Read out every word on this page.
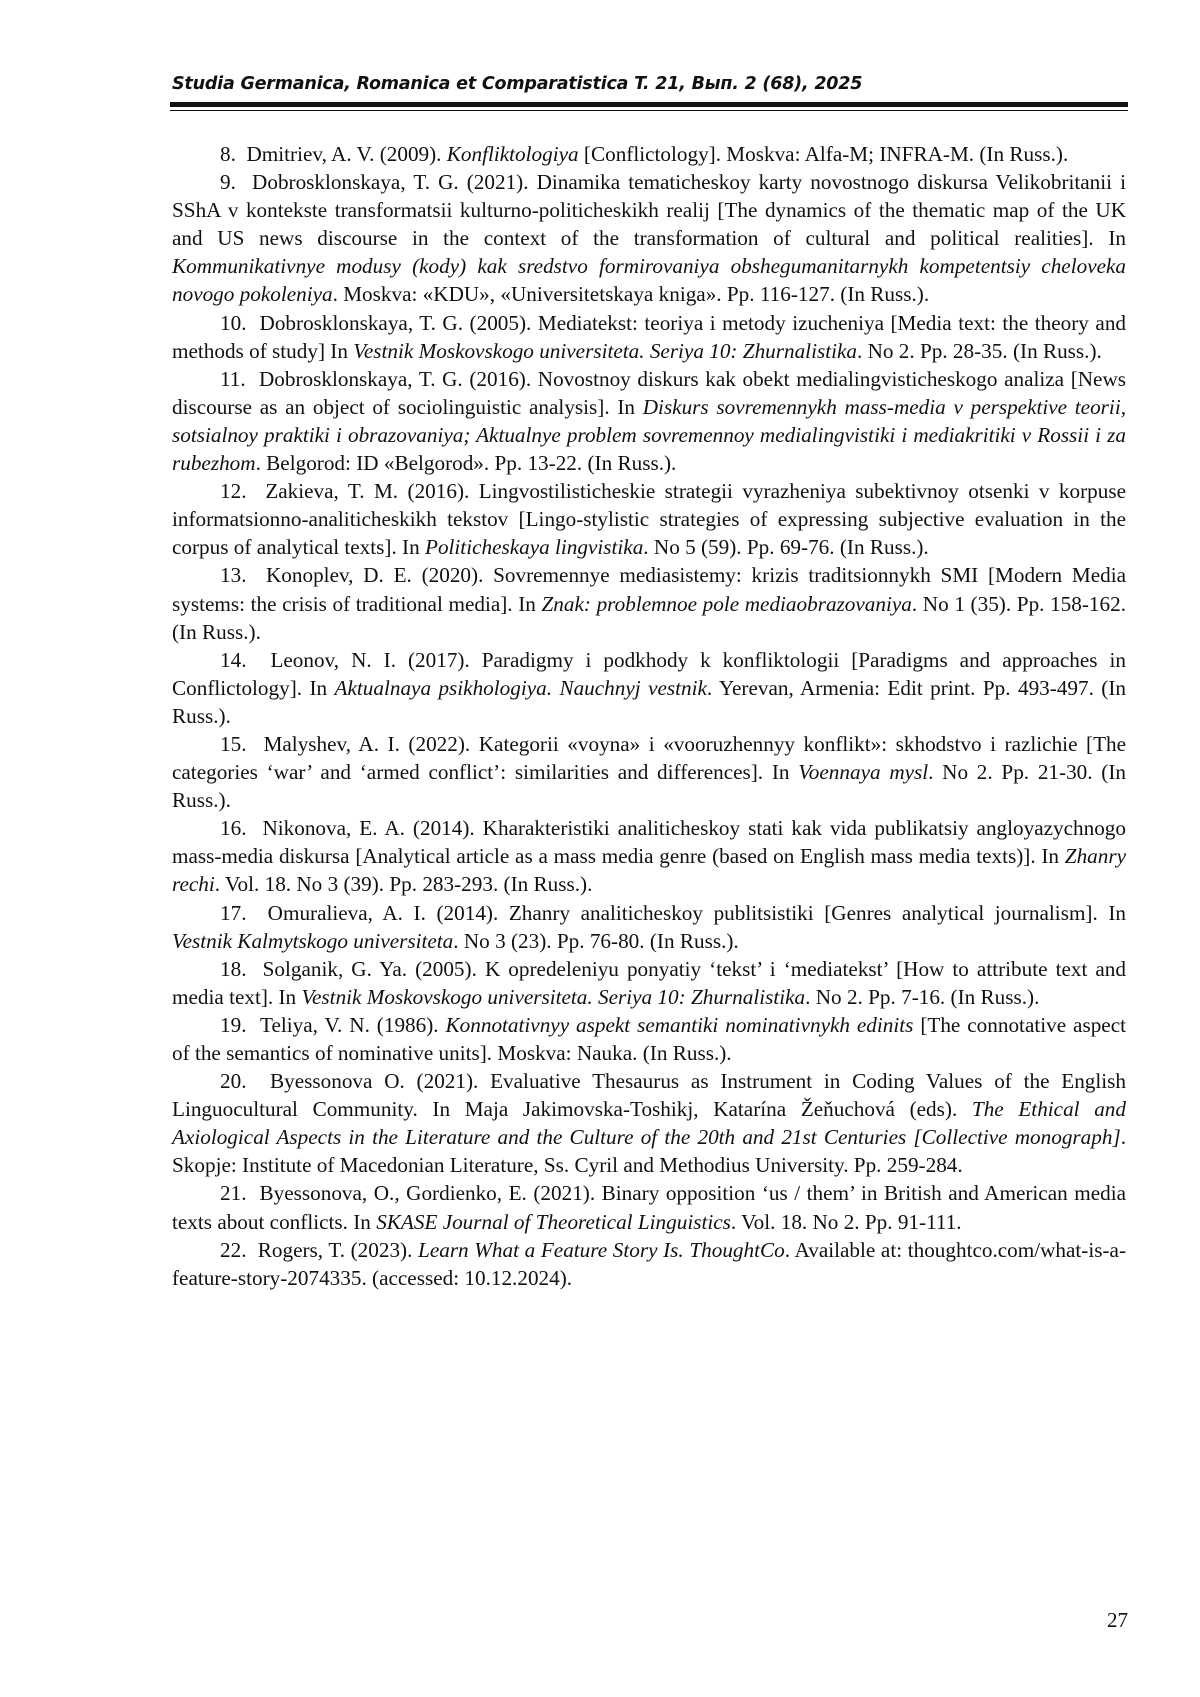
Studia Germanica, Romanica et Comparatistica T. 21, Вып. 2 (68), 2025

8. Dmitriev, A. V. (2009). Konfliktologiya [Conflictology]. Moskva: Alfa-M; INFRA-M. (In Russ.).

9. Dobrosklonskaya, T. G. (2021). Dinamika tematicheskoy karty novostnogo diskursa Velikobritanii i SShA v kontekste transformatsii kulturno-politicheskikh realij [The dynamics of the thematic map of the UK and US news discourse in the context of the transformation of cultural and political realities]. In Kommunikativnye modusy (kody) kak sredstvo formirovaniya obshegumanitarnykh kompetentsiy cheloveka novogo pokoleniya. Moskva: «KDU», «Universitetskaya kniga». Pp. 116-127. (In Russ.).

10. Dobrosklonskaya, T. G. (2005). Mediatekst: teoriya i metody izucheniya [Media text: the theory and methods of study] In Vestnik Moskovskogo universiteta. Seriya 10: Zhurnalistika. No 2. Pp. 28-35. (In Russ.).

11. Dobrosklonskaya, T. G. (2016). Novostnoy diskurs kak obekt medialingvisticheskogo analiza [News discourse as an object of sociolinguistic analysis]. In Diskurs sovremennykh mass-media v perspektive teorii, sotsialnoy praktiki i obrazovaniya; Aktualnye problem sovremennoy medialingvistiki i mediakritiki v Rossii i za rubezhom. Belgorod: ID «Belgorod». Pp. 13-22. (In Russ.).

12. Zakieva, T. M. (2016). Lingvostilisticheskie strategii vyrazheniya subektivnoy otsenki v korpuse informatsionno-analiticheskikh tekstov [Lingo-stylistic strategies of expressing subjective evaluation in the corpus of analytical texts]. In Politicheskaya lingvistika. No 5 (59). Pp. 69-76. (In Russ.).

13. Konoplev, D. E. (2020). Sovremennye mediasistemy: krizis traditsionnykh SMI [Modern Media systems: the crisis of traditional media]. In Znak: problemnoe pole mediaobrazovaniya. No 1 (35). Pp. 158-162. (In Russ.).

14. Leonov, N. I. (2017). Paradigmy i podkhody k konfliktologii [Paradigms and approaches in Conflictology]. In Aktualnaya psikhologiya. Nauchnyj vestnik. Yerevan, Armenia: Edit print. Pp. 493-497. (In Russ.).

15. Malyshev, A. I. (2022). Kategorii «voyna» i «vooruzhennyy konflikt»: skhodstvo i razlichie [The categories ‘war’ and ‘armed conflict’: similarities and differences]. In Voennaya mysl. No 2. Pp. 21-30. (In Russ.).

16. Nikonova, E. A. (2014). Kharakteristiki analiticheskoy stati kak vida publikatsiy angloyazychnogo mass-media diskursa [Analytical article as a mass media genre (based on English mass media texts)]. In Zhanry rechi. Vol. 18. No 3 (39). Pp. 283-293. (In Russ.).

17. Omuralieva, A. I. (2014). Zhanry analiticheskoy publitsistiki [Genres analytical journalism]. In Vestnik Kalmytskogo universiteta. No 3 (23). Pp. 76-80. (In Russ.).

18. Solganik, G. Ya. (2005). K opredeleniyu ponyatiy ‘tekst’ i ‘mediatekst’ [How to attribute text and media text]. In Vestnik Moskovskogo universiteta. Seriya 10: Zhurnalistika. No 2. Pp. 7-16. (In Russ.).

19. Teliya, V. N. (1986). Konnotativnyy aspekt semantiki nominativnykh edinits [The connotative aspect of the semantics of nominative units]. Moskva: Nauka. (In Russ.).

20. Byessonova O. (2021). Evaluative Thesaurus as Instrument in Coding Values of the English Linguocultural Community. In Maja Jakimovska-Toshikj, Katarína Žeňuchová (eds). The Ethical and Axiological Aspects in the Literature and the Culture of the 20th and 21st Centuries [Collective monograph]. Skopje: Institute of Macedonian Literature, Ss. Cyril and Methodius University. Pp. 259-284.

21. Byessonova, O., Gordienko, E. (2021). Binary opposition ‘us / them’ in British and American media texts about conflicts. In SKASE Journal of Theoretical Linguistics. Vol. 18. No 2. Pp. 91-111.

22. Rogers, T. (2023). Learn What a Feature Story Is. ThoughtCo. Available at: thoughtco.com/what-is-a-feature-story-2074335. (accessed: 10.12.2024).

27
